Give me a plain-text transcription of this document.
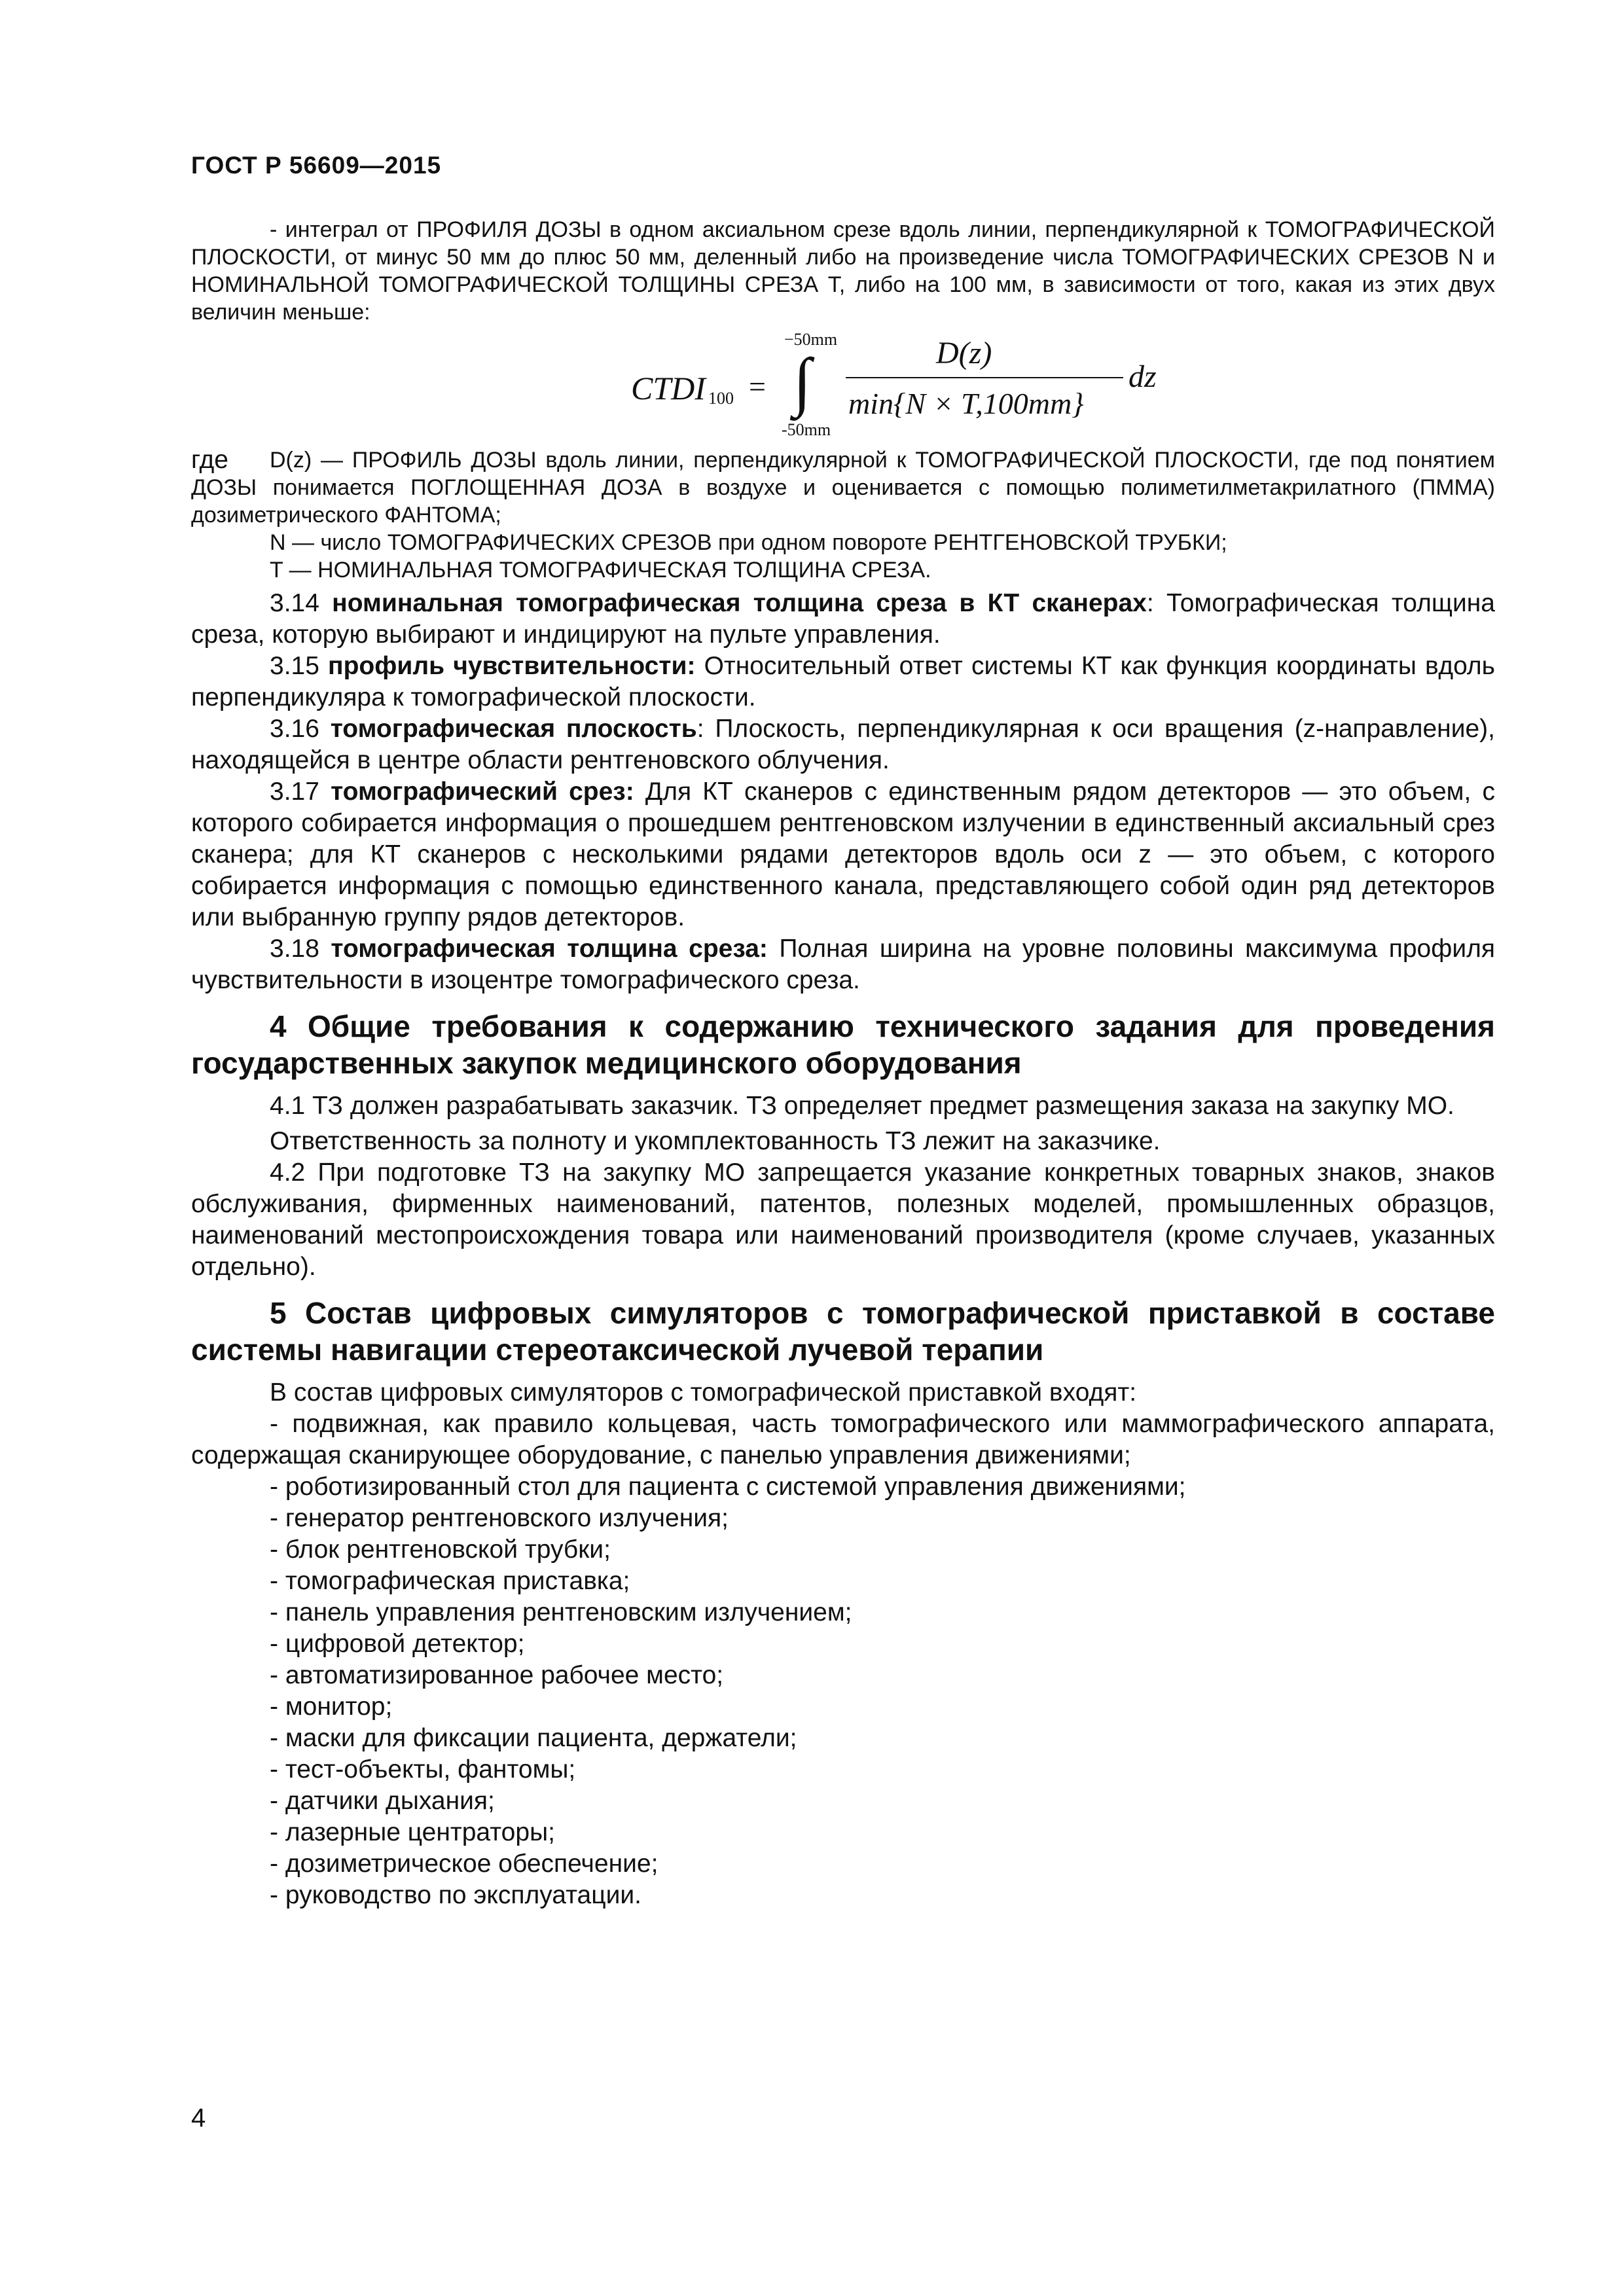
ГОСТ Р 56609—2015

- интеграл от ПРОФИЛЯ ДОЗЫ в одном аксиальном срезе вдоль линии, перпендикулярной к ТОМОГРАФИЧЕСКОЙ ПЛОСКОСТИ, от минус 50 мм до плюс 50 мм, деленный либо на произведение числа ТОМОГРАФИЧЕСКИХ СРЕЗОВ N и НОМИНАЛЬНОЙ ТОМОГРАФИЧЕСКОЙ ТОЛЩИНЫ СРЕЗА T, либо на 100 мм, в зависимости от того, какая из этих двух величин меньше:

CTDI 100 =
−50mm
∫
-50mm
D(z)
min{N × T,100mm}
dz
где	D(z) — ПРОФИЛЬ ДОЗЫ вдоль линии, перпендикулярной к ТОМОГРАФИЧЕСКОЙ ПЛОСКОСТИ, где под понятием ДОЗЫ понимается ПОГЛОЩЕННАЯ ДОЗА в воздухе и оценивается с помощью полиметилметакрилатного (ПММА) дозиметрического ФАНТОМА;

N — число ТОМОГРАФИЧЕСКИХ СРЕЗОВ при одном повороте РЕНТГЕНОВСКОЙ ТРУБКИ;

T — НОМИНАЛЬНАЯ ТОМОГРАФИЧЕСКАЯ ТОЛЩИНА СРЕЗА.

3.14 номинальная томографическая толщина среза в КТ сканерах: Томографическая толщина среза, которую выбирают и индицируют на пульте управления.

3.15 профиль чувствительности: Относительный ответ системы КТ как функция координаты вдоль перпендикуляра к томографической плоскости.

3.16 томографическая плоскость: Плоскость, перпендикулярная к оси вращения (z-направление), находящейся в центре области рентгеновского облучения.

3.17 томографический срез: Для КТ сканеров с единственным рядом детекторов — это объем, с которого собирается информация о прошедшем рентгеновском излучении в единственный аксиальный срез сканера; для КТ сканеров с несколькими рядами детекторов вдоль оси z — это объем, с которого собирается информация с помощью единственного канала, представляющего собой один ряд детекторов или выбранную группу рядов детекторов.

3.18 томографическая толщина среза: Полная ширина на уровне половины максимума профиля чувствительности в изоцентре томографического среза.

4 Общие требования к содержанию технического задания для проведения государственных закупок медицинского оборудования

4.1 ТЗ должен разрабатывать заказчик. ТЗ определяет предмет размещения заказа на закупку МО.

Ответственность за полноту и укомплектованность ТЗ лежит на заказчике.

4.2 При подготовке ТЗ на закупку МО запрещается указание конкретных товарных знаков, знаков обслуживания, фирменных наименований, патентов, полезных моделей, промышленных образцов, наименований местопроисхождения товара или наименований производителя (кроме случаев, указанных отдельно).

5 Состав цифровых симуляторов с томографической приставкой в составе системы навигации стереотаксической лучевой терапии

В состав цифровых симуляторов с томографической приставкой входят:

- подвижная, как правило кольцевая, часть томографического или маммографического аппарата, содержащая сканирующее оборудование, с панелью управления движениями;

- роботизированный стол для пациента с системой управления движениями;

- генератор рентгеновского излучения;

- блок рентгеновской трубки;

- томографическая приставка;

- панель управления рентгеновским излучением;

- цифровой детектор;

- автоматизированное рабочее место;

- монитор;

- маски для фиксации пациента, держатели;

- тест-объекты, фантомы;

- датчики дыхания;

- лазерные центраторы;

- дозиметрическое обеспечение;

- руководство по эксплуатации.

4
